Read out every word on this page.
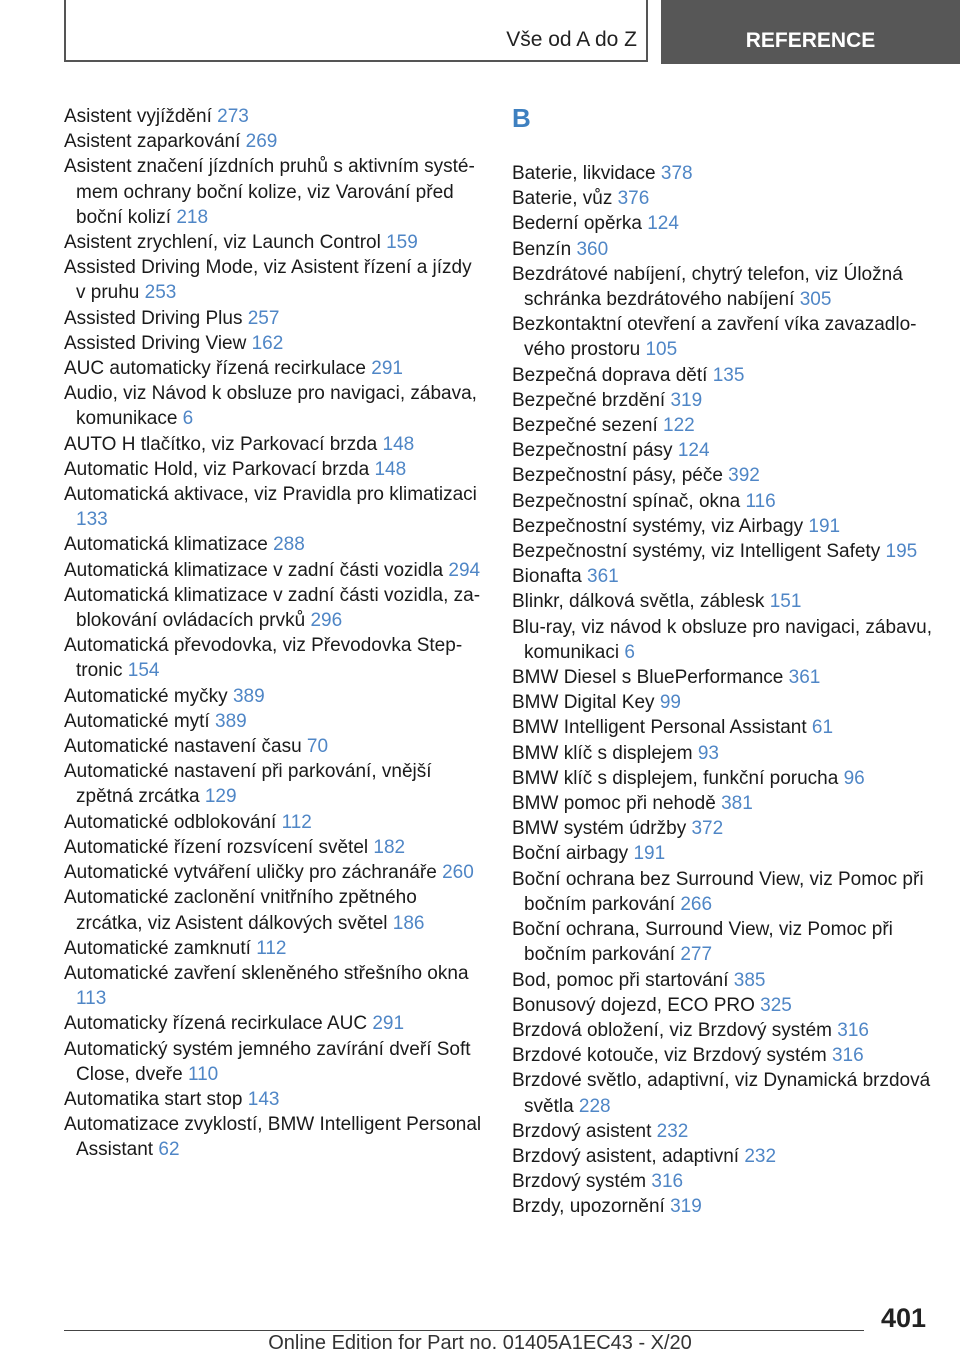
Vše od A do Z	REFERENCE
Asistent vyjíždění 273
Asistent zaparkování 269
Asistent značení jízdních pruhů s aktivním systémem ochrany boční kolize, viz Varování před boční kolizí 218
Asistent zrychlení, viz Launch Control 159
Assisted Driving Mode, viz Asistent řízení a jízdy v pruhu 253
Assisted Driving Plus 257
Assisted Driving View 162
AUC automaticky řízená recirkulace 291
Audio, viz Návod k obsluze pro navigaci, zábava, komunikace 6
AUTO H tlačítko, viz Parkovací brzda 148
Automatic Hold, viz Parkovací brzda 148
Automatická aktivace, viz Pravidla pro klimatizaci 133
Automatická klimatizace 288
Automatická klimatizace v zadní části vozidla 294
Automatická klimatizace v zadní části vozidla, zablokování ovládacích prvků 296
Automatická převodovka, viz Převodovka Steptronic 154
Automatické myčky 389
Automatické mytí 389
Automatické nastavení času 70
Automatické nastavení při parkování, vnější zpětná zrcátka 129
Automatické odblokování 112
Automatické řízení rozsvícení světel 182
Automatické vytváření uličky pro záchranáře 260
Automatické zaclonění vnitřního zpětného zrcátka, viz Asistent dálkových světel 186
Automatické zamknutí 112
Automatické zavření skleněného střešního okna 113
Automaticky řízená recirkulace AUC 291
Automatický systém jemného zavírání dveří Soft Close, dveře 110
Automatika start stop 143
Automatizace zvyklostí, BMW Intelligent Personal Assistant 62
B
Baterie, likvidace 378
Baterie, vůz 376
Bederní opěrka 124
Benzín 360
Bezdrátové nabíjení, chytrý telefon, viz Úložná schránka bezdrátového nabíjení 305
Bezkontaktní otevření a zavření víka zavazadlového prostoru 105
Bezpečná doprava dětí 135
Bezpečné brzdění 319
Bezpečné sezení 122
Bezpečnostní pásy 124
Bezpečnostní pásy, péče 392
Bezpečnostní spínač, okna 116
Bezpečnostní systémy, viz Airbagy 191
Bezpečnostní systémy, viz Intelligent Safety 195
Bionafta 361
Blinkr, dálková světla, záblesk 151
Blu-ray, viz návod k obsluze pro navigaci, zábavu, komunikaci 6
BMW Diesel s BluePerformance 361
BMW Digital Key 99
BMW Intelligent Personal Assistant 61
BMW klíč s displejem 93
BMW klíč s displejem, funkční porucha 96
BMW pomoc při nehodě 381
BMW systém údržby 372
Boční airbagy 191
Boční ochrana bez Surround View, viz Pomoc při bočním parkování 266
Boční ochrana, Surround View, viz Pomoc při bočním parkování 277
Bod, pomoc při startování 385
Bonusový dojezd, ECO PRO 325
Brzdová obložení, viz Brzdový systém 316
Brzdové kotouče, viz Brzdový systém 316
Brzdové světlo, adaptivní, viz Dynamická brzdová světla 228
Brzdový asistent 232
Brzdový asistent, adaptivní 232
Brzdový systém 316
Brzdy, upozornění 319
401
Online Edition for Part no. 01405A1EC43 - X/20
